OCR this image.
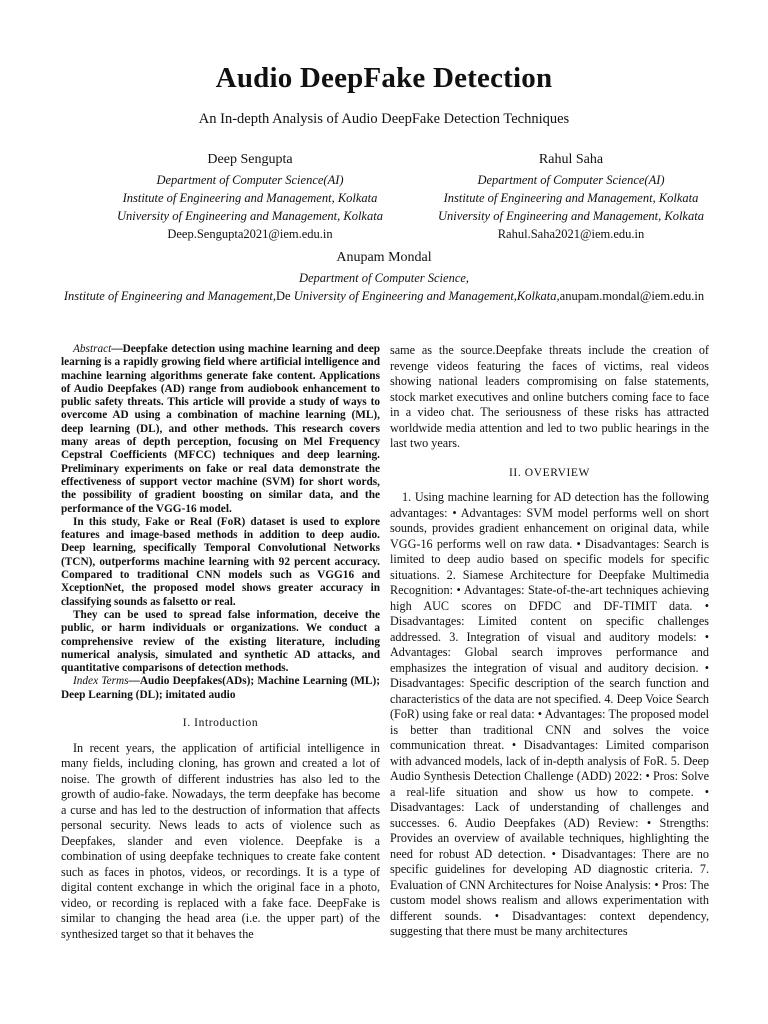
Audio DeepFake Detection
An In-depth Analysis of Audio DeepFake Detection Techniques
Deep Sengupta
Department of Computer Science(AI)
Institute of Engineering and Management, Kolkata
University of Engineering and Management, Kolkata
Deep.Sengupta2021@iem.edu.in
Rahul Saha
Department of Computer Science(AI)
Institute of Engineering and Management, Kolkata
University of Engineering and Management, Kolkata
Rahul.Saha2021@iem.edu.in
Anupam Mondal
Department of Computer Science,
Institute of Engineering and Management,De University of Engineering and Management,Kolkata,anupam.mondal@iem.edu.in

Abstract—Deepfake detection using machine learning and deep learning is a rapidly growing field where artificial intelligence and machine learning algorithms generate fake content. Applications of Audio Deepfakes (AD) range from audiobook enhancement to public safety threats. This article will provide a study of ways to overcome AD using a combination of machine learning (ML), deep learning (DL), and other methods. This research covers many areas of depth perception, focusing on Mel Frequency Cepstral Coefficients (MFCC) techniques and deep learning. Preliminary experiments on fake or real data demonstrate the effectiveness of support vector machine (SVM) for short words, the possibility of gradient boosting on similar data, and the performance of the VGG-16 model.

In this study, Fake or Real (FoR) dataset is used to explore features and image-based methods in addition to deep audio. Deep learning, specifically Temporal Convolutional Networks (TCN), outperforms machine learning with 92 percent accuracy. Compared to traditional CNN models such as VGG16 and XceptionNet, the proposed model shows greater accuracy in classifying sounds as falsetto or real.

They can be used to spread false information, deceive the public, or harm individuals or organizations. We conduct a comprehensive review of the existing literature, including numerical analysis, simulated and synthetic AD attacks, and quantitative comparisons of detection methods.

Index Terms—Audio Deepfakes(ADs); Machine Learning (ML); Deep Learning (DL); imitated audio

I. Introduction

In recent years, the application of artificial intelligence in many fields, including cloning, has grown and created a lot of noise. The growth of different industries has also led to the growth of audio-fake. Nowadays, the term deepfake has become a curse and has led to the destruction of information that affects personal security. News leads to acts of violence such as Deepfakes, slander and even violence. Deepfake is a combination of using deepfake techniques to create fake content such as faces in photos, videos, or recordings. It is a type of digital content exchange in which the original face in a photo, video, or recording is replaced with a fake face. DeepFake is similar to changing the head area (i.e. the upper part) of the synthesized target so that it behaves the

same as the source.Deepfake threats include the creation of revenge videos featuring the faces of victims, real videos showing national leaders compromising on false statements, stock market executives and online butchers coming face to face in a video chat. The seriousness of these risks has attracted worldwide media attention and led to two public hearings in the last two years.

II. OVERVIEW

1. Using machine learning for AD detection has the following advantages: • Advantages: SVM model performs well on short sounds, provides gradient enhancement on original data, while VGG-16 performs well on raw data. • Disadvantages: Search is limited to deep audio based on specific models for specific situations. 2. Siamese Architecture for Deepfake Multimedia Recognition: • Advantages: State-of-the-art techniques achieving high AUC scores on DFDC and DF-TIMIT data. • Disadvantages: Limited content on specific challenges addressed. 3. Integration of visual and auditory models: • Advantages: Global search improves performance and emphasizes the integration of visual and auditory decision. • Disadvantages: Specific description of the search function and characteristics of the data are not specified. 4. Deep Voice Search (FoR) using fake or real data: • Advantages: The proposed model is better than traditional CNN and solves the voice communication threat. • Disadvantages: Limited comparison with advanced models, lack of in-depth analysis of FoR. 5. Deep Audio Synthesis Detection Challenge (ADD) 2022: • Pros: Solve a real-life situation and show us how to compete. • Disadvantages: Lack of understanding of challenges and successes. 6. Audio Deepfakes (AD) Review: • Strengths: Provides an overview of available techniques, highlighting the need for robust AD detection. • Disadvantages: There are no specific guidelines for developing AD diagnostic criteria. 7. Evaluation of CNN Architectures for Noise Analysis: • Pros: The custom model shows realism and allows experimentation with different sounds. • Disadvantages: context dependency, suggesting that there must be many architectures
